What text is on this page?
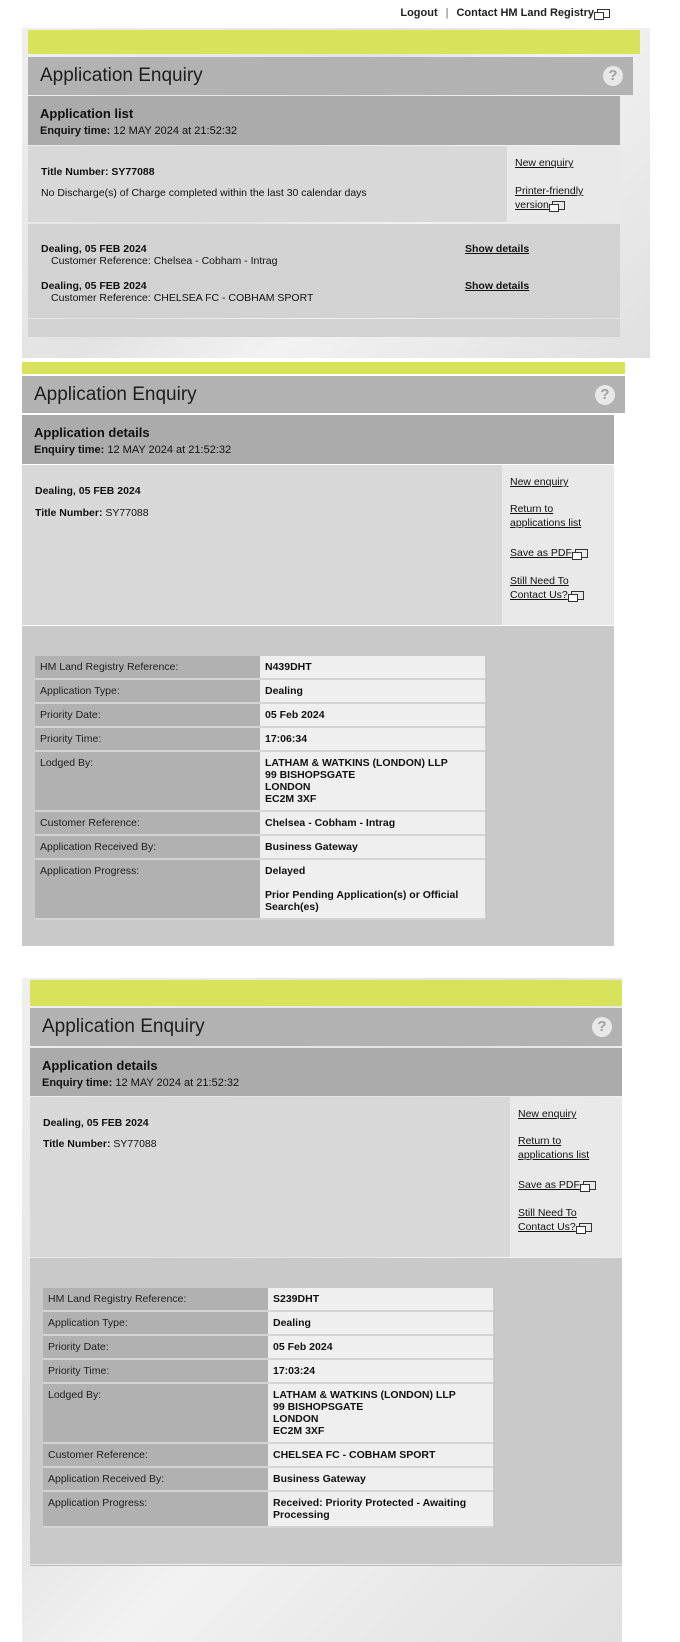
Logout | Contact HM Land Registry
Application Enquiry	?
Application list
Enquiry time: 12 MAY 2024 at 21:52:32
Title Number: SY77088
No Discharge(s) of Charge completed within the last 30 calendar days
New enquiry
Printer-friendly
version
Dealing, 05 FEB 2024
Customer Reference: Chelsea - Cobham - Intrag
Show details
Dealing, 05 FEB 2024
Customer Reference: CHELSEA FC - COBHAM SPORT
Show details
Application Enquiry	?
Application details
Enquiry time: 12 MAY 2024 at 21:52:32
Dealing, 05 FEB 2024
Title Number: SY77088
New enquiry
Return to
applications list
Save as PDF
Still Need To
Contact Us?
HM Land Registry Reference:	N439DHT
Application Type:	Dealing
Priority Date:	05 Feb 2024
Priority Time:	17:06:34
Lodged By:	LATHAM & WATKINS (LONDON) LLP
99 BISHOPSGATE
LONDON
EC2M 3XF

Customer Reference:	Chelsea - Cobham - Intrag
Application Received By:	Business Gateway
Application Progress:	Delayed
Prior Pending Application(s) or Official
Search(es)
Application Enquiry	?
Application details
Enquiry time: 12 MAY 2024 at 21:52:32
Dealing, 05 FEB 2024
Title Number: SY77088
New enquiry
Return to
applications list
Save as PDF
Still Need To
Contact Us?
HM Land Registry Reference:	S239DHT
Application Type:	Dealing
Priority Date:	05 Feb 2024
Priority Time:	17:03:24
Lodged By:	LATHAM & WATKINS (LONDON) LLP
99 BISHOPSGATE
LONDON
EC2M 3XF

Customer Reference:	CHELSEA FC - COBHAM SPORT
Application Received By:	Business Gateway
Application Progress:	Received: Priority Protected - Awaiting
Processing
